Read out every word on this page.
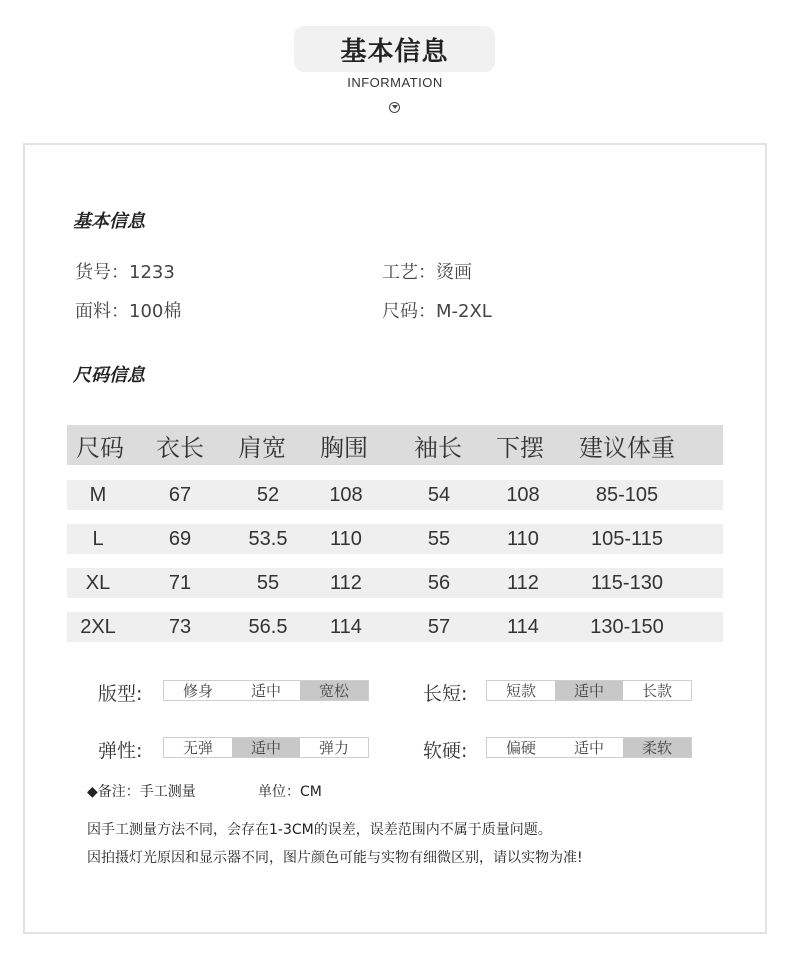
基本信息
INFORMATION
基本信息
货号：1233	工艺：烫画
面料：100棉	尺码：M-2XL
尺码信息
尺码	衣长	肩宽	胸围	袖长	下摆	建议体重
M	67	52	108	54	108	85-105
L	69	53.5	110	55	110	105-115
XL	71	55	112	56	112	115-130
2XL	73	56.5	114	57	114	130-150
版型:	修身	适中	宽松	长短:	短款	适中	长款
弹性:	无弹	适中	弹力	软硬:	偏硬	适中	柔软
◆备注：手工测量	单位：CM
因手工测量方法不同，会存在1-3CM的误差，误差范围内不属于质量问题。
因拍摄灯光原因和显示器不同，图片颜色可能与实物有细微区别，请以实物为准!
